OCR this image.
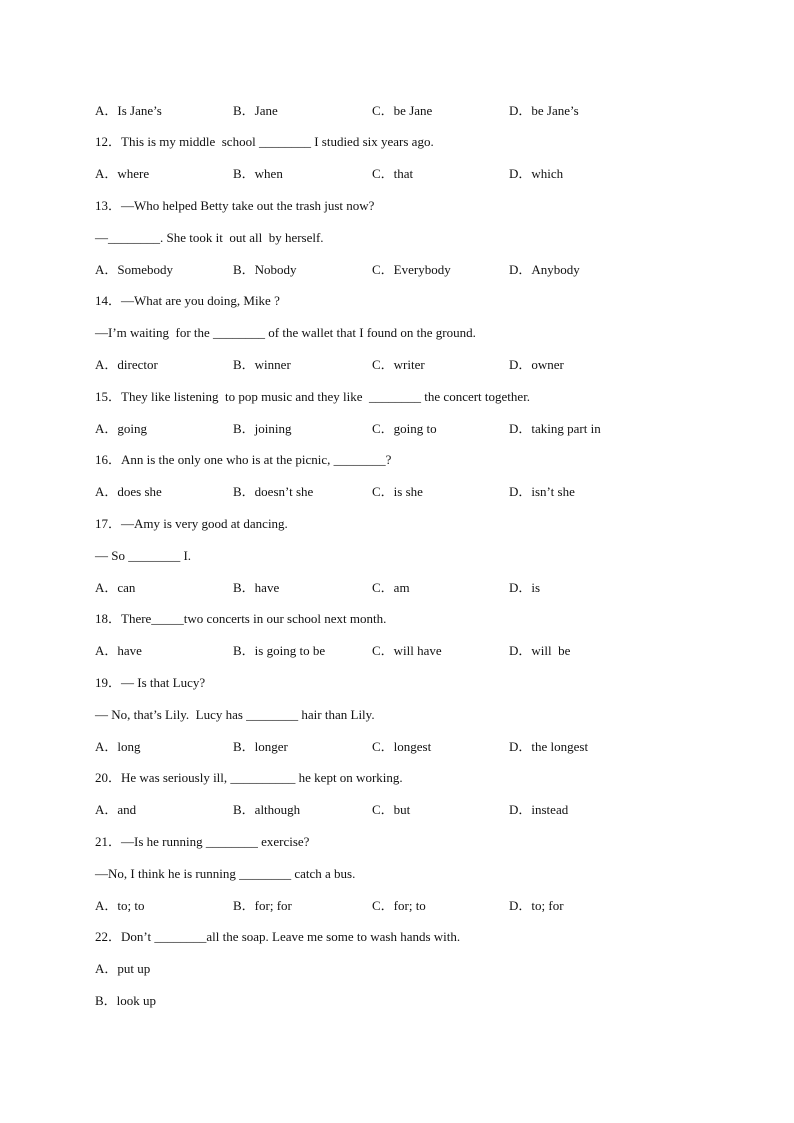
A．Is Jane’s	B．Jane	C．be Jane	D．be Jane’s
12．This is my middle  school ________ I studied six years ago.
A．where	B．when	C．that	D．which
13．—Who helped Betty take out the trash just now?
—________. She took it  out all  by herself.
A．Somebody	B．Nobody	C．Everybody	D．Anybody
14．—What are you doing, Mike ?
—I’m waiting  for the ________ of the wallet that I found on the ground.
A．director	B．winner	C．writer	D．owner
15．They like listening  to pop music and they like  ________ the concert together.
A．going	B．joining	C．going to	D．taking part in
16．Ann is the only one who is at the picnic, ________?
A．does she	B．doesn’t she	C．is she	D．isn’t she
17．—Amy is very good at dancing.
— So ________ I.
A．can	B．have	C．am	D．is
18．There_____two concerts in our school next month.
A．have	B．is going to be	C．will have	D．will  be
19．— Is that Lucy?
— No, that’s Lily.  Lucy has ________ hair than Lily.
A．long	B．longer	C．longest	D．the longest
20．He was seriously ill, __________ he kept on working.
A．and	B．although	C．but	D．instead
21．—Is he running ________ exercise?
—No, I think he is running ________ catch a bus.
A．to; to	B．for; for	C．for; to	D．to; for
22．Don’t ________all the soap. Leave me some to wash hands with.
A．put up
B．look up
